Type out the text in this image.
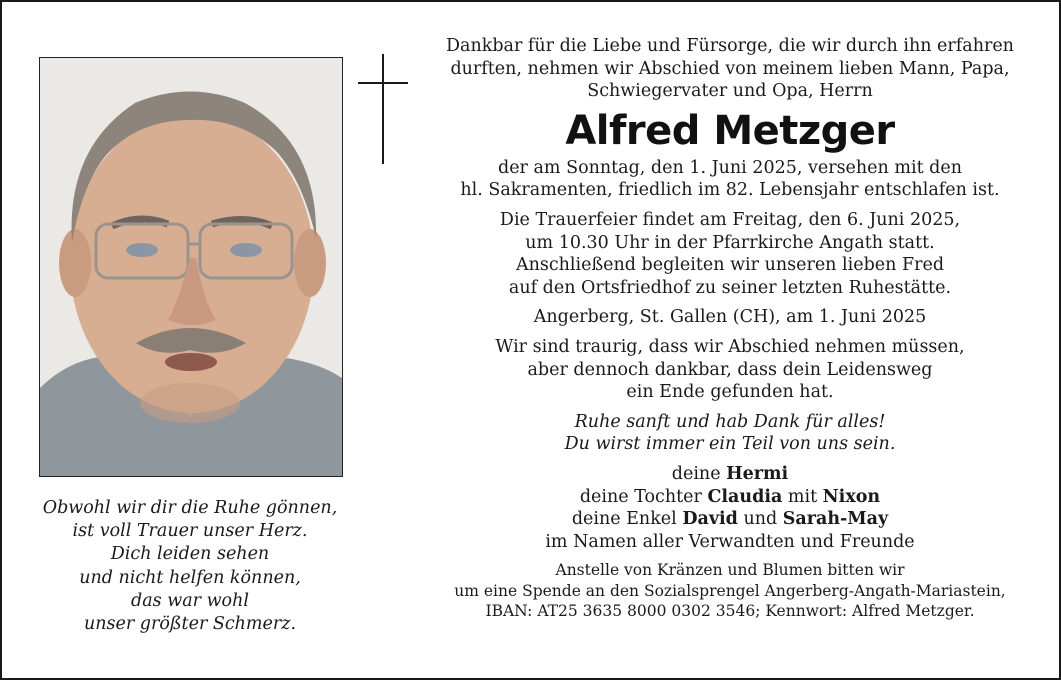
Obwohl wir dir die Ruhe gönnen,
ist voll Trauer unser Herz.
Dich leiden sehen
und nicht helfen können,
das war wohl
unser größter Schmerz.

Dankbar für die Liebe und Fürsorge, die wir durch ihn erfahren

durften, nehmen wir Abschied von meinem lieben Mann, Papa,

Schwiegervater und Opa, Herrn

Alfred Metzger

der am Sonntag, den 1. Juni 2025, versehen mit den

hl. Sakramenten, friedlich im 82. Lebensjahr entschlafen ist.

Die Trauerfeier findet am Freitag, den 6. Juni 2025,

um 10.30 Uhr in der Pfarrkirche Angath statt.

Anschließend begleiten wir unseren lieben Fred

auf den Ortsfriedhof zu seiner letzten Ruhestätte.

Angerberg, St. Gallen (CH), am 1. Juni 2025

Wir sind traurig, dass wir Abschied nehmen müssen,

aber dennoch dankbar, dass dein Leidensweg

ein Ende gefunden hat.

Ruhe sanft und hab Dank für alles!

Du wirst immer ein Teil von uns sein.

deine Hermi

deine Tochter Claudia mit Nixon

deine Enkel David und Sarah-May

im Namen aller Verwandten und Freunde

Anstelle von Kränzen und Blumen bitten wir

um eine Spende an den Sozialsprengel Angerberg-Angath-Mariastein,

IBAN: AT25 3635 8000 0302 3546; Kennwort: Alfred Metzger.
